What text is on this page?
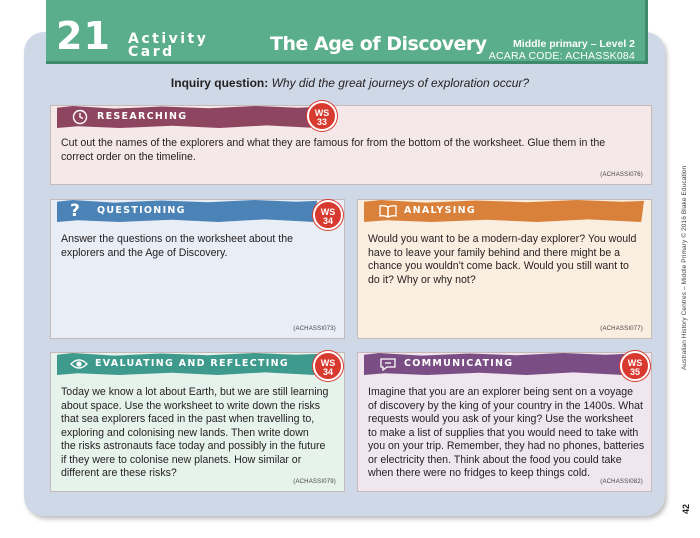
21 Activity
Card	The Age of Discovery	Middle primary – Level 2
ACARA CODE: ACHASSK084
Inquiry question: Why did the great journeys of exploration occur?
RESEARCHING	WS
33
Cut out the names of the explorers and what they are famous for from the bottom of the worksheet. Glue them in the
correct order on the timeline.
(ACHASSI076)
?	QUESTIONING	WS
34
Answer the questions on the worksheet about the
explorers and the Age of Discovery.
(ACHASSI073)
ANALYSING
Would you want to be a modern-day explorer? You would
have to leave your family behind and there might be a
chance you wouldn't come back. Would you still want to
do it? Why or why not?
(ACHASSI077)
EVALUATING AND REFLECTING	WS
34
Today we know a lot about Earth, but we are still learning
about space. Use the worksheet to write down the risks
that sea explorers faced in the past when travelling to,
exploring and colonising new lands. Then write down
the risks astronauts face today and possibly in the future
if they were to colonise new planets. How similar or
different are these risks?
(ACHASSI079)
COMMUNICATING	WS
35
Imagine that you are an explorer being sent on a voyage
of discovery by the king of your country in the 1400s. What
requests would you ask of your king? Use the worksheet
to make a list of supplies that you would need to take with
you on your trip. Remember, they had no phones, batteries
or electricity then. Think about the food you could take
when there were no fridges to keep things cold.
(ACHASSI082)
Australian History Centres – Middle Primary © 2016 Blake Education
42
